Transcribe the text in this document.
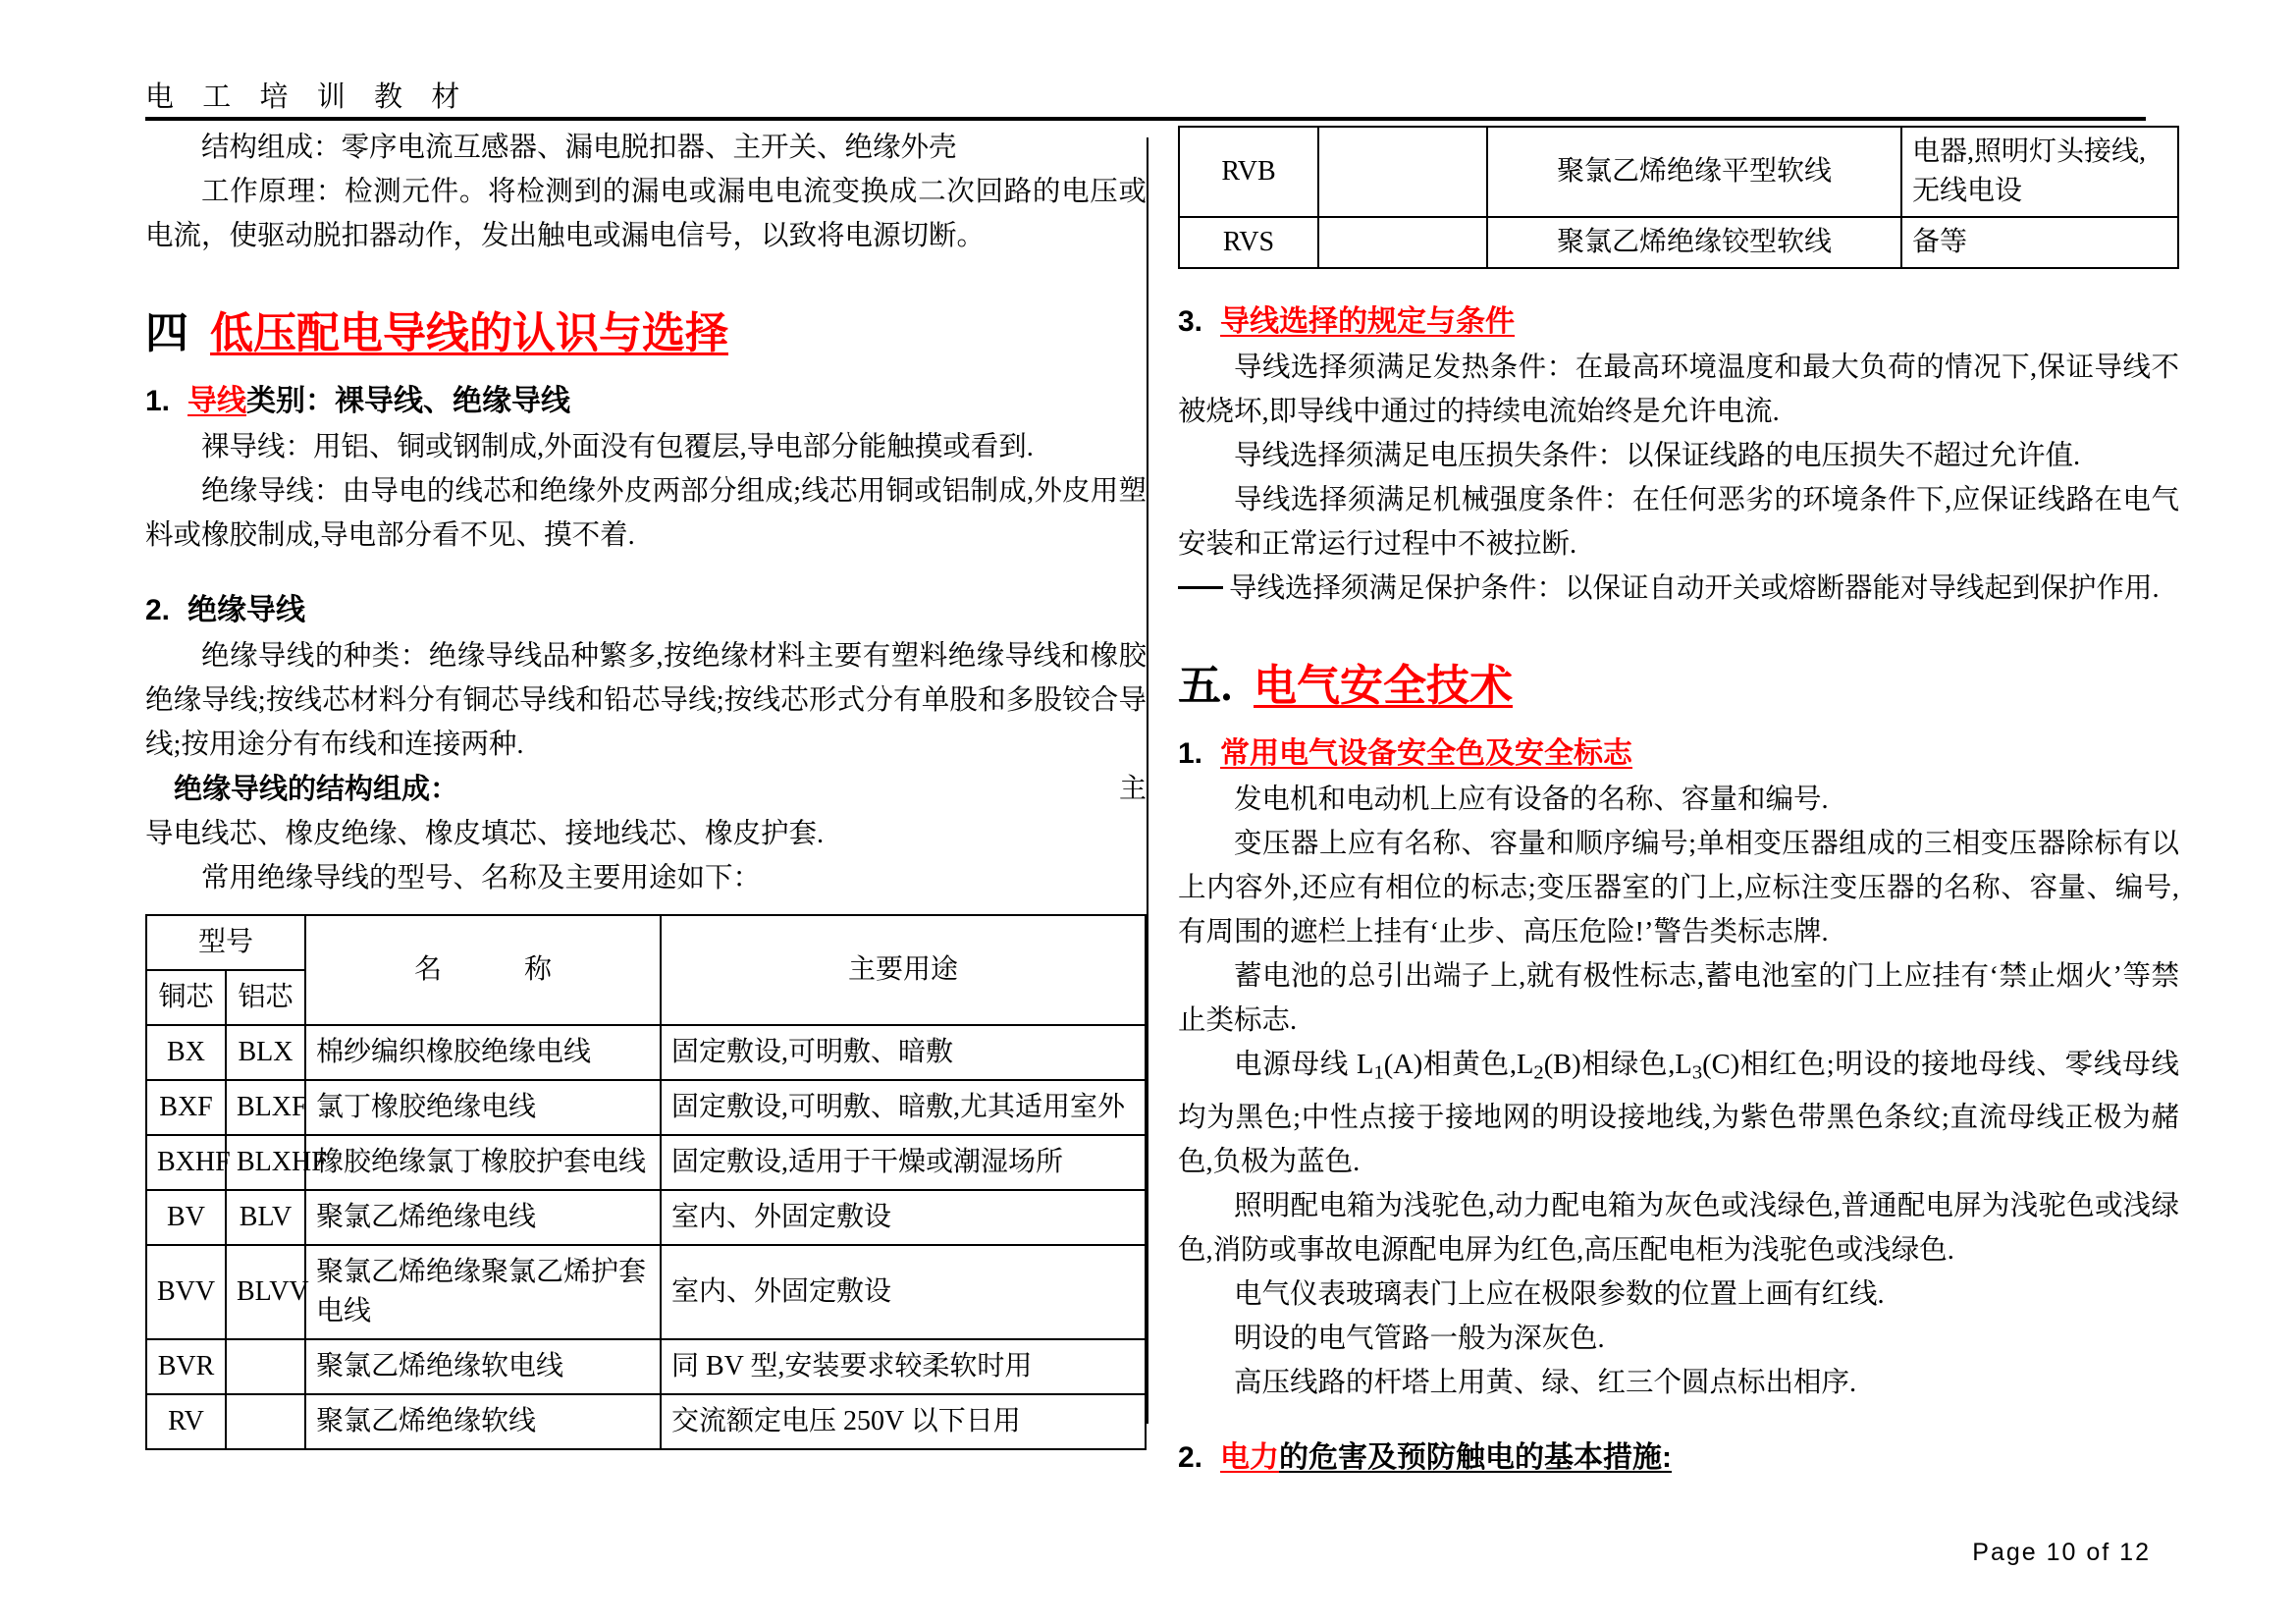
电 工 培 训 教 材

结构组成：零序电流互感器、漏电脱扣器、主开关、绝缘外壳

工作原理：检测元件。将检测到的漏电或漏电电流变换成二次回路的电压或电流，使驱动脱扣器动作，发出触电或漏电信号，以致将电源切断。

四 低压配电导线的认识与选择
1. 导线类别：裸导线、绝缘导线

裸导线：用铝、铜或钢制成,外面没有包覆层,导电部分能触摸或看到.

绝缘导线：由导电的线芯和绝缘外皮两部分组成;线芯用铜或铝制成,外皮用塑料或橡胶制成,导电部分看不见、摸不着.

2. 绝缘导线

绝缘导线的种类：绝缘导线品种繁多,按绝缘材料主要有塑料绝缘导线和橡胶绝缘导线;按线芯材料分有铜芯导线和铅芯导线;按线芯形式分有单股和多股铰合导线;按用途分有布线和连接两种.

主
绝缘导线的结构组成：

导电线芯、橡皮绝缘、橡皮填芯、接地线芯、橡皮护套.

常用绝缘导线的型号、名称及主要用途如下：

型号		名　　　称	主要用途
铜芯	铝芯		
BX	BLX	棉纱编织橡胶绝缘电线	固定敷设,可明敷、暗敷
BXF	BLXF	氯丁橡胶绝缘电线	固定敷设,可明敷、暗敷,尤其适用室外
BXHF	BLXHF	橡胶绝缘氯丁橡胶护套电线	固定敷设,适用于干燥或潮湿场所
BV	BLV	聚氯乙烯绝缘电线	室内、外固定敷设
BVV	BLVV	聚氯乙烯绝缘聚氯乙烯护套电线	室内、外固定敷设
BVR		聚氯乙烯绝缘软电线	同 BV 型,安装要求较柔软时用
RV		聚氯乙烯绝缘软线	交流额定电压 250V 以下日用
RVB		聚氯乙烯绝缘平型软线	电器,照明灯头接线,无线电设
RVS		聚氯乙烯绝缘铰型软线	备等
3. 导线选择的规定与条件

导线选择须满足发热条件：在最高环境温度和最大负荷的情况下,保证导线不被烧坏,即导线中通过的持续电流始终是允许电流.

导线选择须满足电压损失条件：以保证线路的电压损失不超过允许值.

导线选择须满足机械强度条件：在任何恶劣的环境条件下,应保证线路在电气安装和正常运行过程中不被拉断.

导线选择须满足保护条件：以保证自动开关或熔断器能对导线起到保护作用.

五. 电气安全技术
1. 常用电气设备安全色及安全标志

发电机和电动机上应有设备的名称、容量和编号.

变压器上应有名称、容量和顺序编号;单相变压器组成的三相变压器除标有以上内容外,还应有相位的标志;变压器室的门上,应标注变压器的名称、容量、编号,有周围的遮栏上挂有‘止步、高压危险!’警告类标志牌.

蓄电池的总引出端子上,就有极性标志,蓄电池室的门上应挂有‘禁止烟火’等禁止类标志.

电源母线 $L_1(A)$相黄色$,L_2(B)$相绿色$,L_3(C)$相红色;明设的接地母线、零线母线均为黑色;中性点接于接地网的明设接地线,为紫色带黑色条纹;直流母线正极为赭色,负极为蓝色.

照明配电箱为浅驼色,动力配电箱为灰色或浅绿色,普通配电屏为浅驼色或浅绿色,消防或事故电源配电屏为红色,高压配电柜为浅驼色或浅绿色.

电气仪表玻璃表门上应在极限参数的位置上画有红线.

明设的电气管路一般为深灰色.

高压线路的杆塔上用黄、绿、红三个圆点标出相序.

2. 电力的危害及预防触电的基本措施:
Page 10 of 12
